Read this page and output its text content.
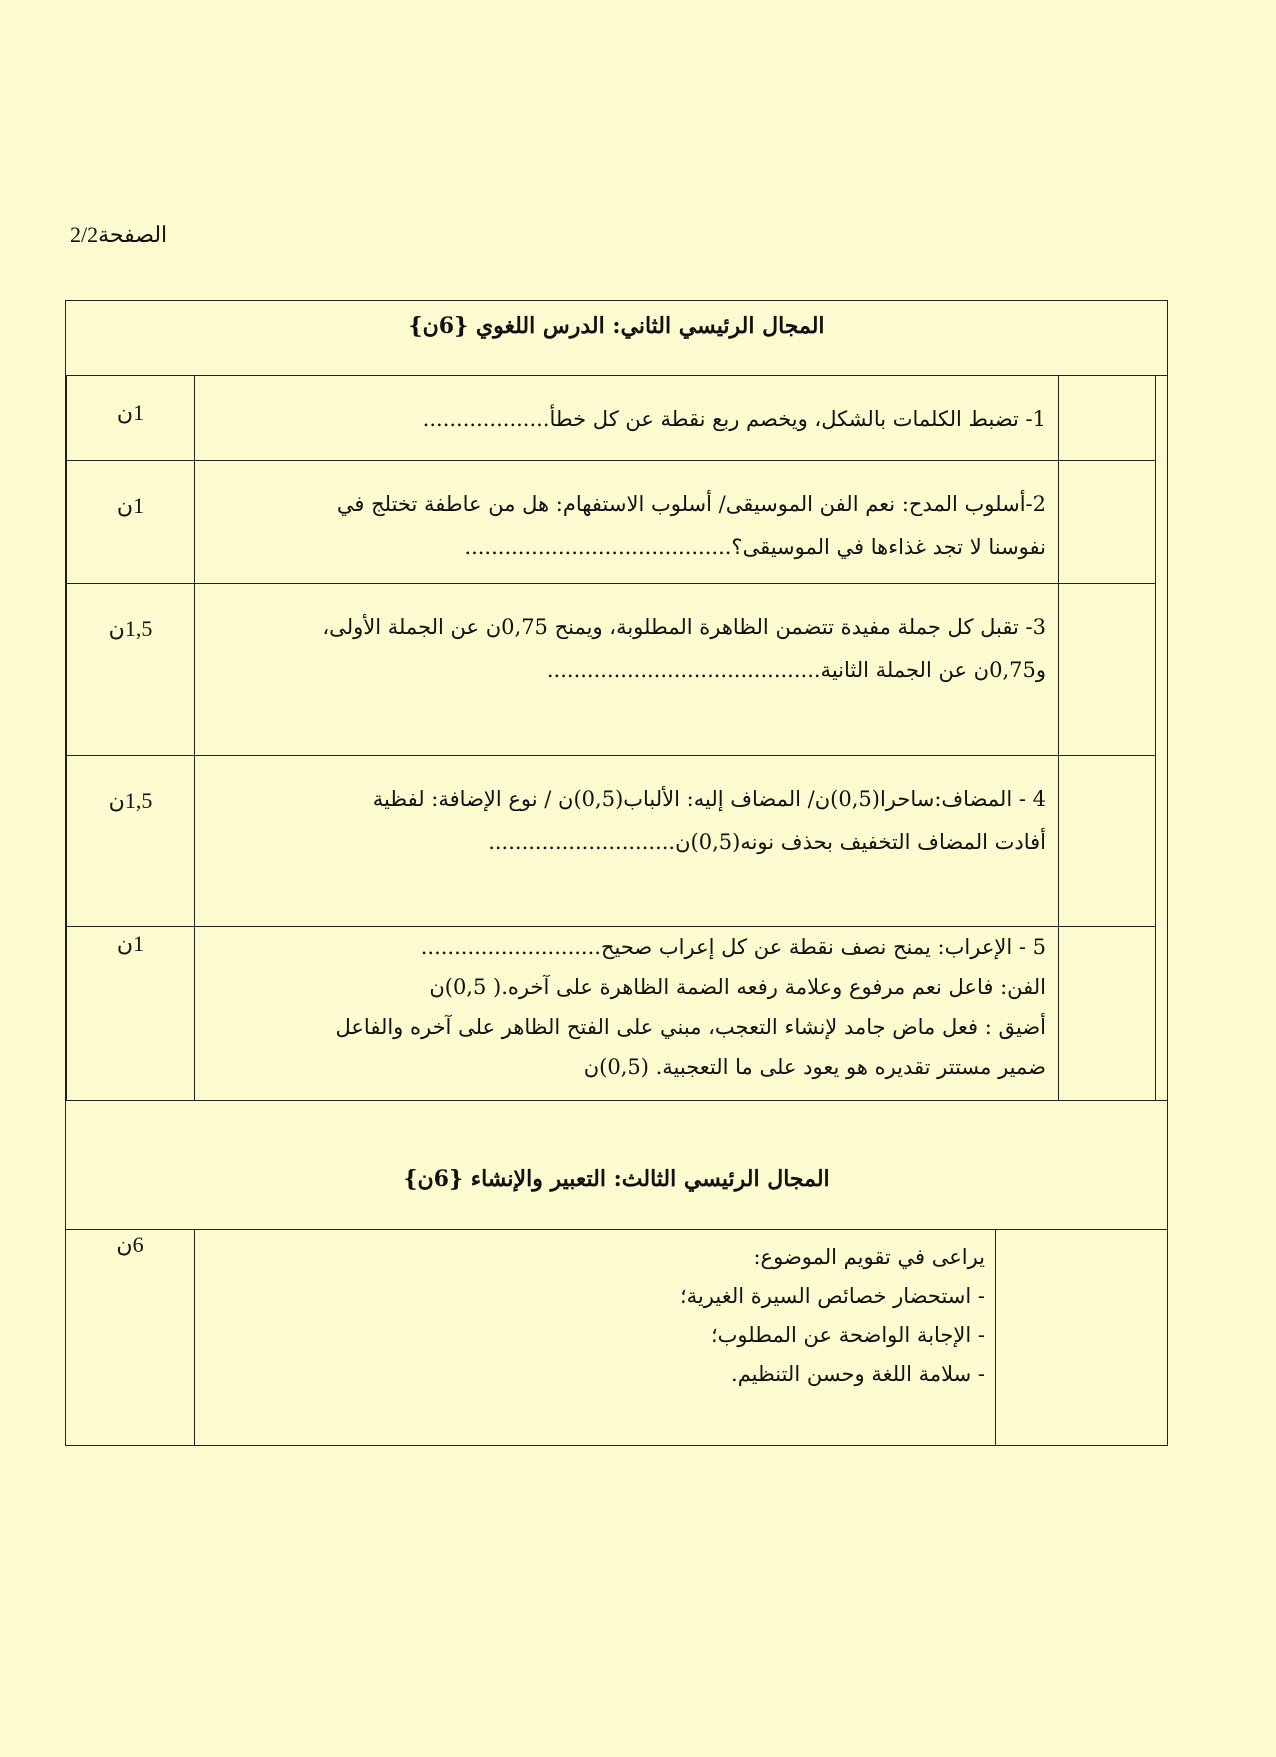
الصفحة2/2
المجال الرئيسي الثاني: الدرس اللغوي {6ن}
1ن	1- تضبط الكلمات بالشكل، ويخصم ربع نقطة عن كل خطأ...................
1ن	2-أسلوب المدح: نعم الفن الموسيقى/ أسلوب الاستفهام: هل من عاطفة تختلج في
نفوسنا لا تجد غذاءها في الموسيقى؟........................................
1,5ن	3- تقبل كل جملة مفيدة تتضمن الظاهرة المطلوبة، ويمنح 0,75ن عن الجملة الأولى،
و0,75ن عن الجملة الثانية.........................................
1,5ن	4 - المضاف:ساحرا(0,5)ن/ المضاف إليه: الألباب(0,5)ن / نوع الإضافة: لفظية
أفادت المضاف التخفيف بحذف نونه(0,5)ن............................
1ن	5 - الإعراب: يمنح نصف نقطة عن كل إعراب صحيح...........................
الفن: فاعل نعم مرفوع وعلامة رفعه الضمة الظاهرة على آخره.( 0,5)ن
أضيق : فعل ماض جامد لإنشاء التعجب، مبني على الفتح الظاهر على آخره والفاعل
ضمير مستتر تقديره هو يعود على ما التعجبية. (0,5)ن
المجال الرئيسي الثالث: التعبير والإنشاء {6ن}
6ن	يراعى في تقويم الموضوع:
- استحضار خصائص السيرة الغيرية؛
- الإجابة الواضحة عن المطلوب؛
- سلامة اللغة وحسن التنظيم.
